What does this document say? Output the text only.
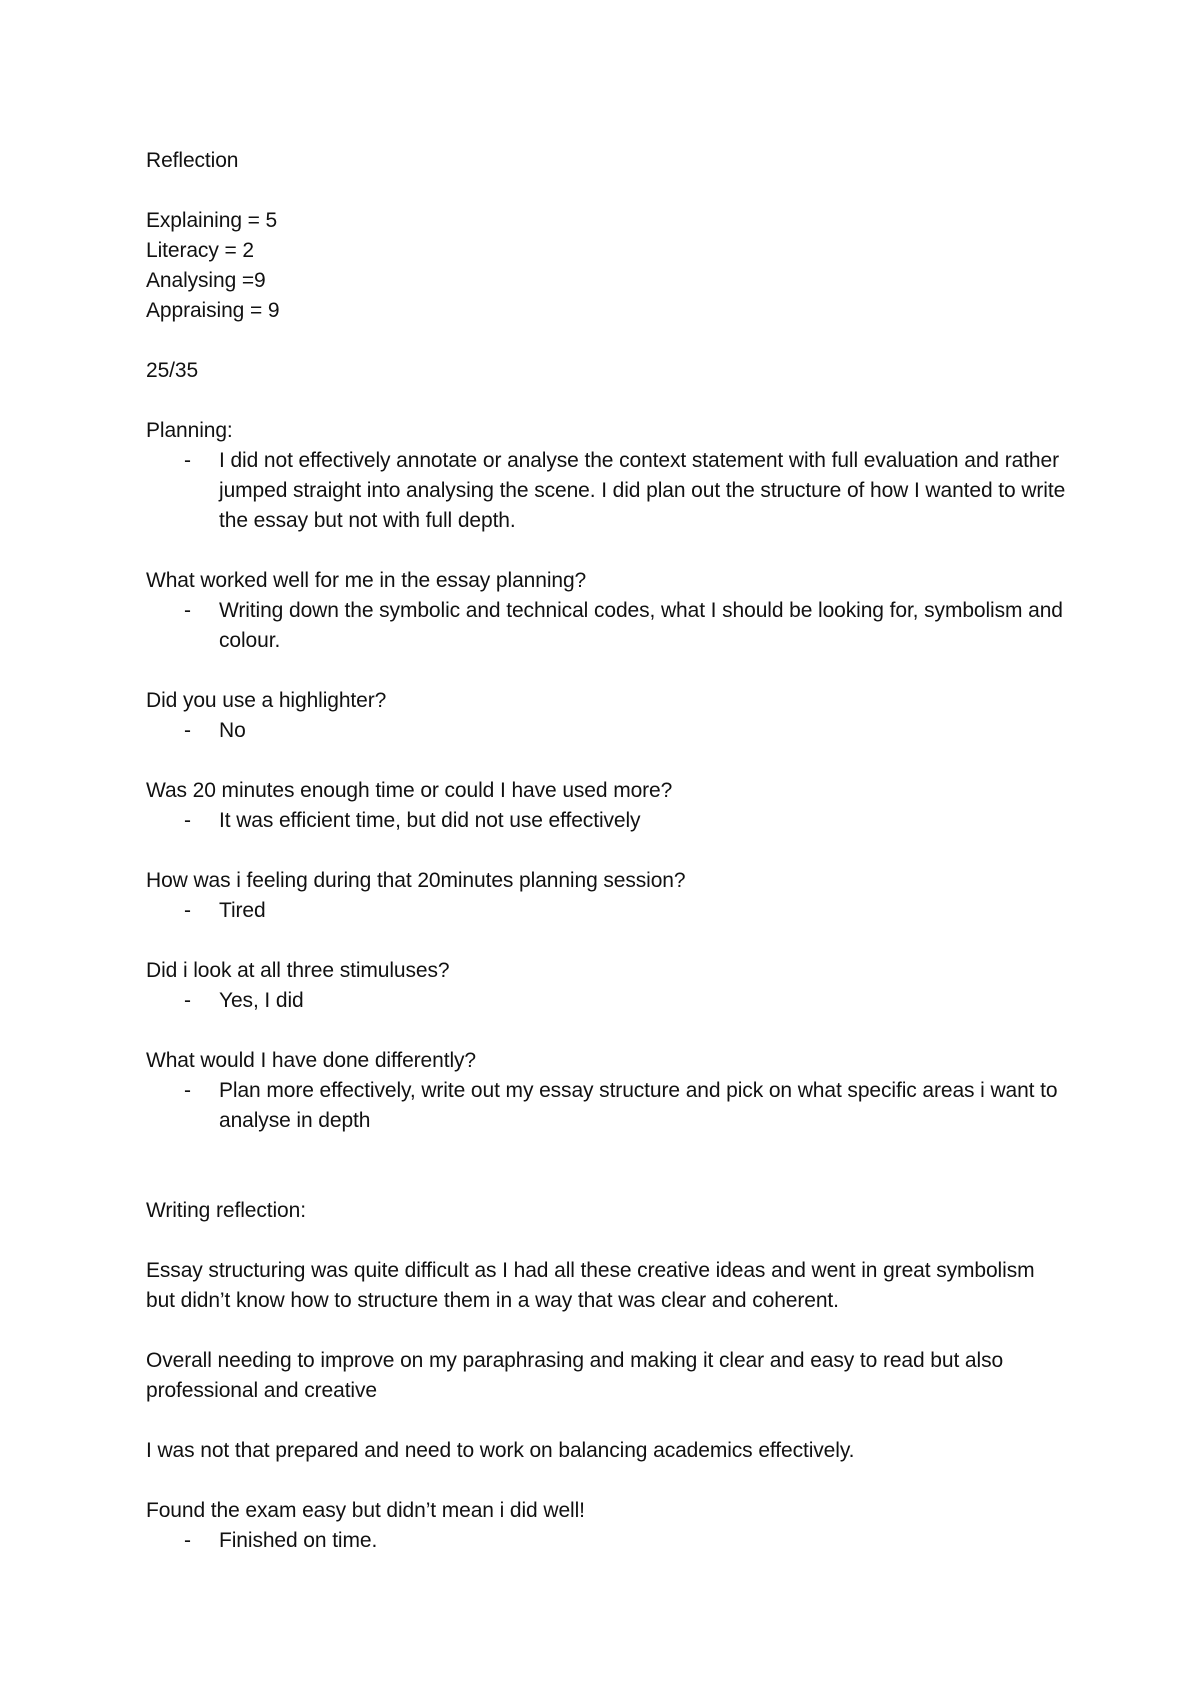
Reflection

Explaining = 5

Literacy = 2

Analysing =9

Appraising = 9

25/35

Planning:

-	I did not effectively annotate or analyse the context statement with full evaluation and rather jumped straight into analysing the scene. I did plan out the structure of how I wanted to write the essay but not with full depth.

What worked well for me in the essay planning?

-	Writing down the symbolic and technical codes, what I should be looking for, symbolism and colour.

Did you use a highlighter?

-	No

Was 20 minutes enough time or could I have used more?

-	It was efficient time, but did not use effectively

How was i feeling during that 20minutes planning session?

-	Tired

Did i look at all three stimuluses?

-	Yes, I did

What would I have done differently?

-	Plan more effectively, write out my essay structure and pick on what specific areas i want to analyse in depth

Writing reflection:

Essay structuring was quite difficult as I had all these creative ideas and went in great symbolism but didn’t know how to structure them in a way that was clear and coherent.

Overall needing to improve on my paraphrasing and making it clear and easy to read but also professional and creative

I was not that prepared and need to work on balancing academics effectively.

Found the exam easy but didn’t mean i did well!

-	Finished on time.
